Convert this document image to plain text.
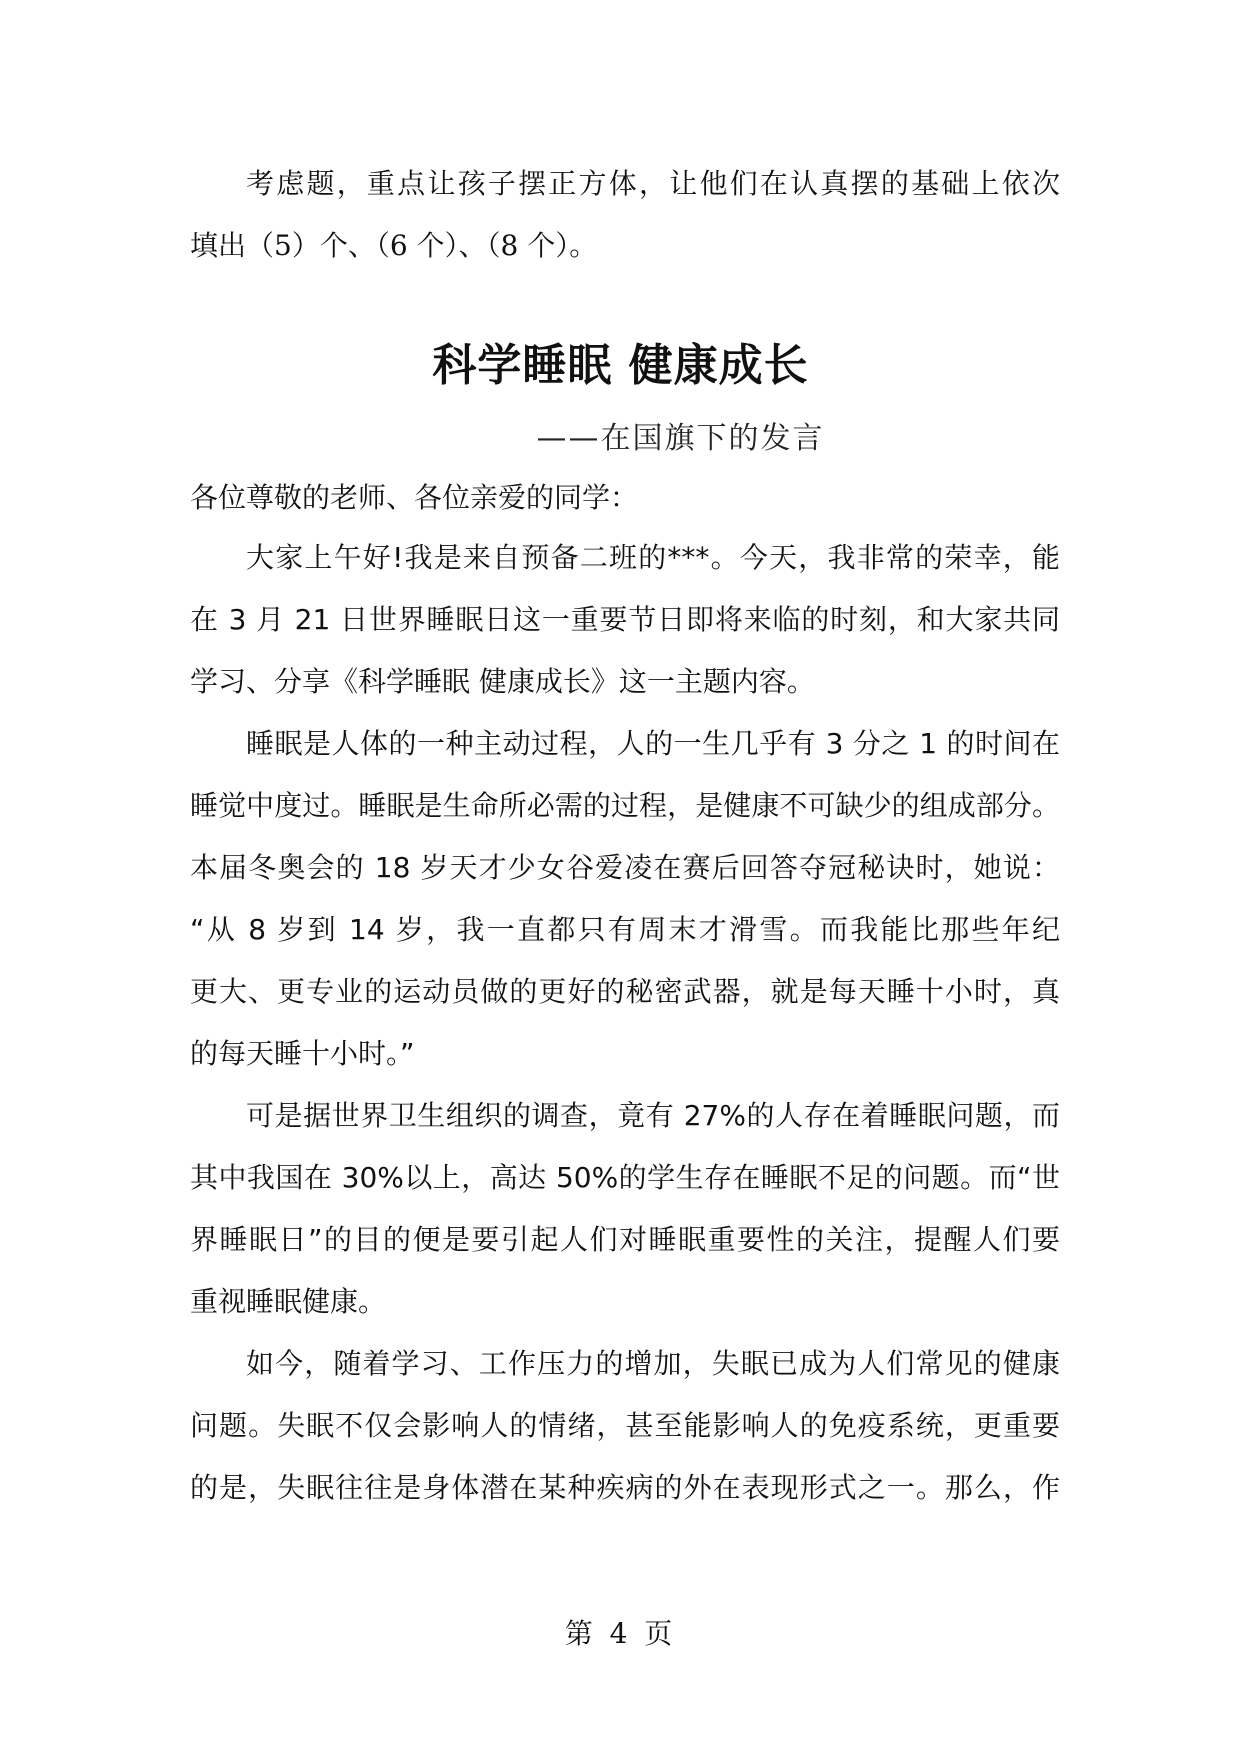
考虑题，重点让孩子摆正方体，让他们在认真摆的基础上依次
填出（5）个、（6 个）、（8 个）。
科学睡眠 健康成长
——在国旗下的发言
各位尊敬的老师、各位亲爱的同学：
大家上午好!我是来自预备二班的***。今天，我非常的荣幸，能
在 3 月 21 日世界睡眠日这一重要节日即将来临的时刻，和大家共同
学习、分享《科学睡眠 健康成长》这一主题内容。
睡眠是人体的一种主动过程，人的一生几乎有 3 分之 1 的时间在
睡觉中度过。睡眠是生命所必需的过程，是健康不可缺少的组成部分。
本届冬奥会的 18 岁天才少女谷爱凌在赛后回答夺冠秘诀时，她说：
“从 8 岁到 14 岁，我一直都只有周末才滑雪。而我能比那些年纪
更大、更专业的运动员做的更好的秘密武器，就是每天睡十小时，真
的每天睡十小时。”
可是据世界卫生组织的调查，竟有 27%的人存在着睡眠问题，而
其中我国在 30%以上，高达 50%的学生存在睡眠不足的问题。而“世
界睡眠日”的目的便是要引起人们对睡眠重要性的关注，提醒人们要
重视睡眠健康。
如今，随着学习、工作压力的增加，失眠已成为人们常见的健康
问题。失眠不仅会影响人的情绪，甚至能影响人的免疫系统，更重要
的是，失眠往往是身体潜在某种疾病的外在表现形式之一。那么，作
第 4 页
